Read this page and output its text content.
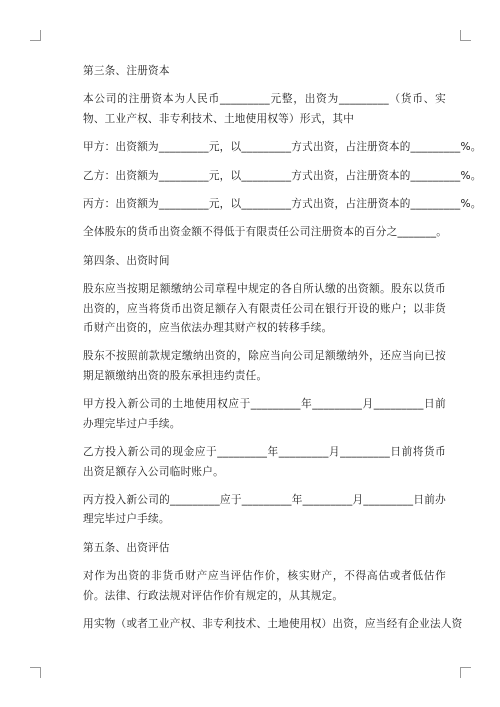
第三条、注册资本

本公司的注册资本为人民币_________元整，出资为_________（货币、实物、工业产权、非专利技术、土地使用权等）形式，其中

甲方：出资额为_________元，以_________方式出资，占注册资本的_________%。

乙方：出资额为_________元，以_________方式出资，占注册资本的_________%。

丙方：出资额为_________元，以_________方式出资，占注册资本的_________%。

全体股东的货币出资金额不得低于有限责任公司注册资本的百分之_______。

第四条、出资时间

股东应当按期足额缴纳公司章程中规定的各自所认缴的出资额。股东以货币出资的，应当将货币出资足额存入有限责任公司在银行开设的账户；以非货币财产出资的，应当依法办理其财产权的转移手续。

股东不按照前款规定缴纳出资的，除应当向公司足额缴纳外，还应当向已按期足额缴纳出资的股东承担违约责任。

甲方投入新公司的土地使用权应于_________年_________月_________日前办理完毕过户手续。

乙方投入新公司的现金应于_________年_________月_________日前将货币出资足额存入公司临时账户。

丙方投入新公司的_________应于_________年_________月_________日前办理完毕过户手续。

第五条、出资评估

对作为出资的非货币财产应当评估作价，核实财产，不得高估或者低估作价。法律、行政法规对评估作价有规定的，从其规定。

用实物（或者工业产权、非专利技术、土地使用权）出资，应当经有企业法人资
